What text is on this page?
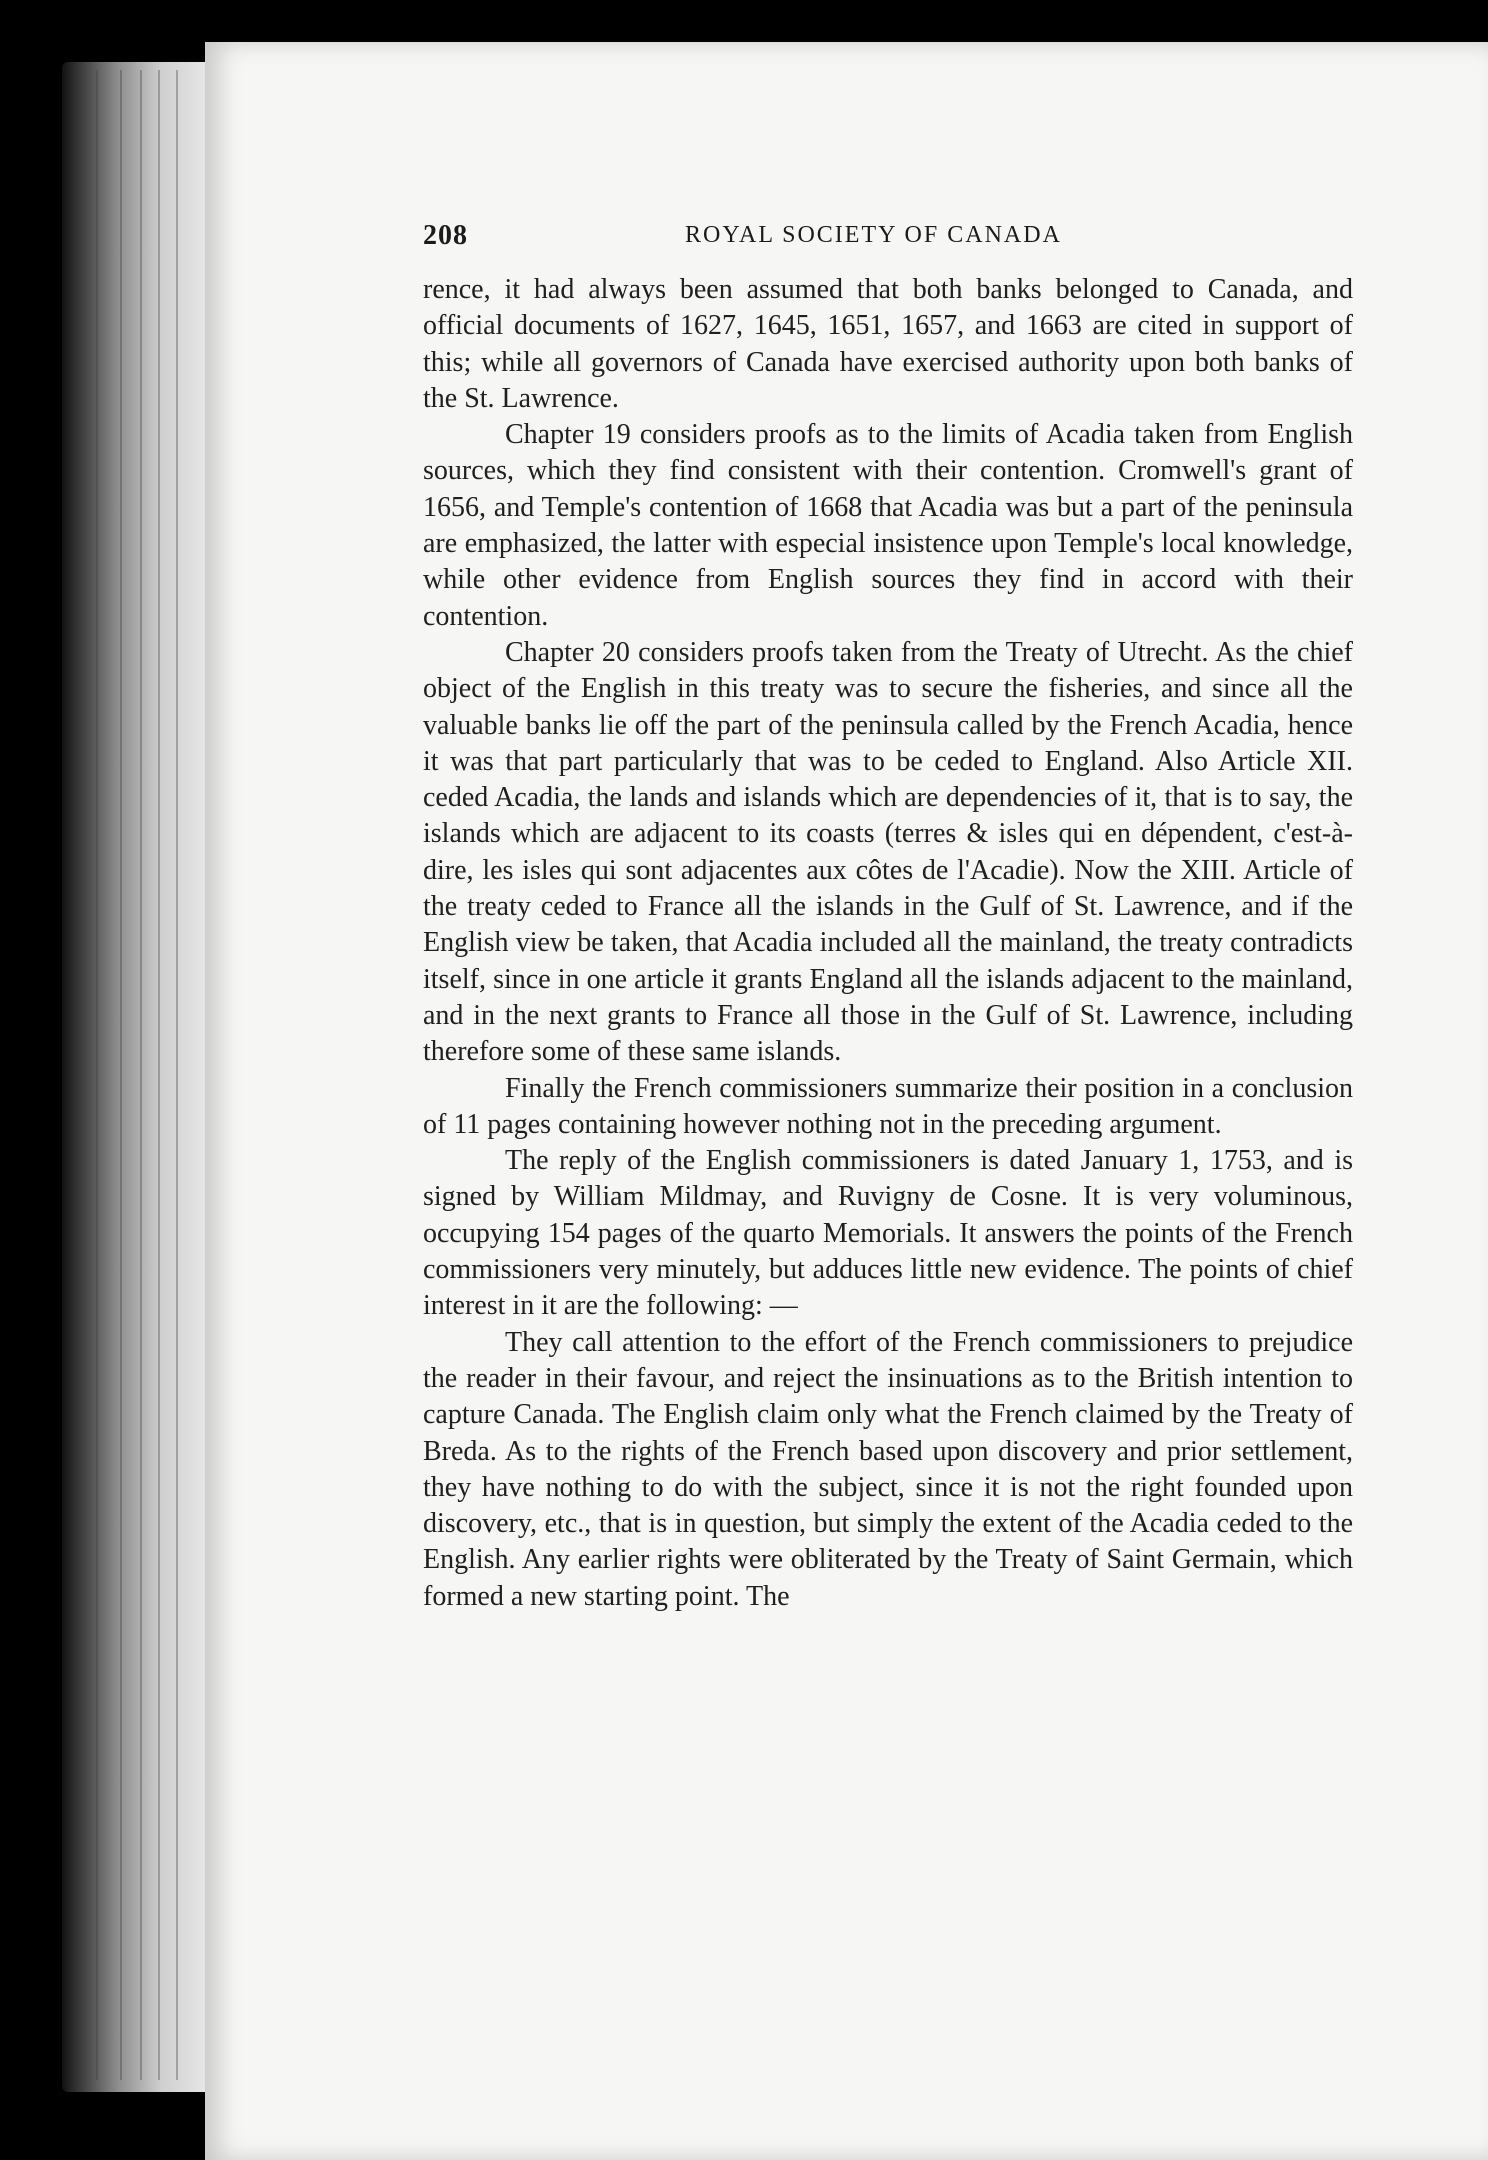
208	ROYAL SOCIETY OF CANADA

rence, it had always been assumed that both banks belonged to Canada, and official documents of 1627, 1645, 1651, 1657, and 1663 are cited in support of this; while all governors of Canada have exercised authority upon both banks of the St. Lawrence.

Chapter 19 considers proofs as to the limits of Acadia taken from English sources, which they find consistent with their contention. Cromwell's grant of 1656, and Temple's contention of 1668 that Acadia was but a part of the peninsula are emphasized, the latter with especial insistence upon Temple's local knowledge, while other evidence from English sources they find in accord with their contention.

Chapter 20 considers proofs taken from the Treaty of Utrecht. As the chief object of the English in this treaty was to secure the fisheries, and since all the valuable banks lie off the part of the peninsula called by the French Acadia, hence it was that part particularly that was to be ceded to England. Also Article XII. ceded Acadia, the lands and islands which are dependencies of it, that is to say, the islands which are adjacent to its coasts (terres & isles qui en dépendent, c'est-à-dire, les isles qui sont adjacentes aux côtes de l'Acadie). Now the XIII. Article of the treaty ceded to France all the islands in the Gulf of St. Lawrence, and if the English view be taken, that Acadia included all the mainland, the treaty contradicts itself, since in one article it grants England all the islands adjacent to the mainland, and in the next grants to France all those in the Gulf of St. Lawrence, including therefore some of these same islands.

Finally the French commissioners summarize their position in a conclusion of 11 pages containing however nothing not in the preceding argument.

The reply of the English commissioners is dated January 1, 1753, and is signed by William Mildmay, and Ruvigny de Cosne. It is very voluminous, occupying 154 pages of the quarto Memorials. It answers the points of the French commissioners very minutely, but adduces little new evidence. The points of chief interest in it are the following: —

They call attention to the effort of the French commissioners to prejudice the reader in their favour, and reject the insinuations as to the British intention to capture Canada. The English claim only what the French claimed by the Treaty of Breda. As to the rights of the French based upon discovery and prior settlement, they have nothing to do with the subject, since it is not the right founded upon discovery, etc., that is in question, but simply the extent of the Acadia ceded to the English. Any earlier rights were obliterated by the Treaty of Saint Germain, which formed a new starting point. The
